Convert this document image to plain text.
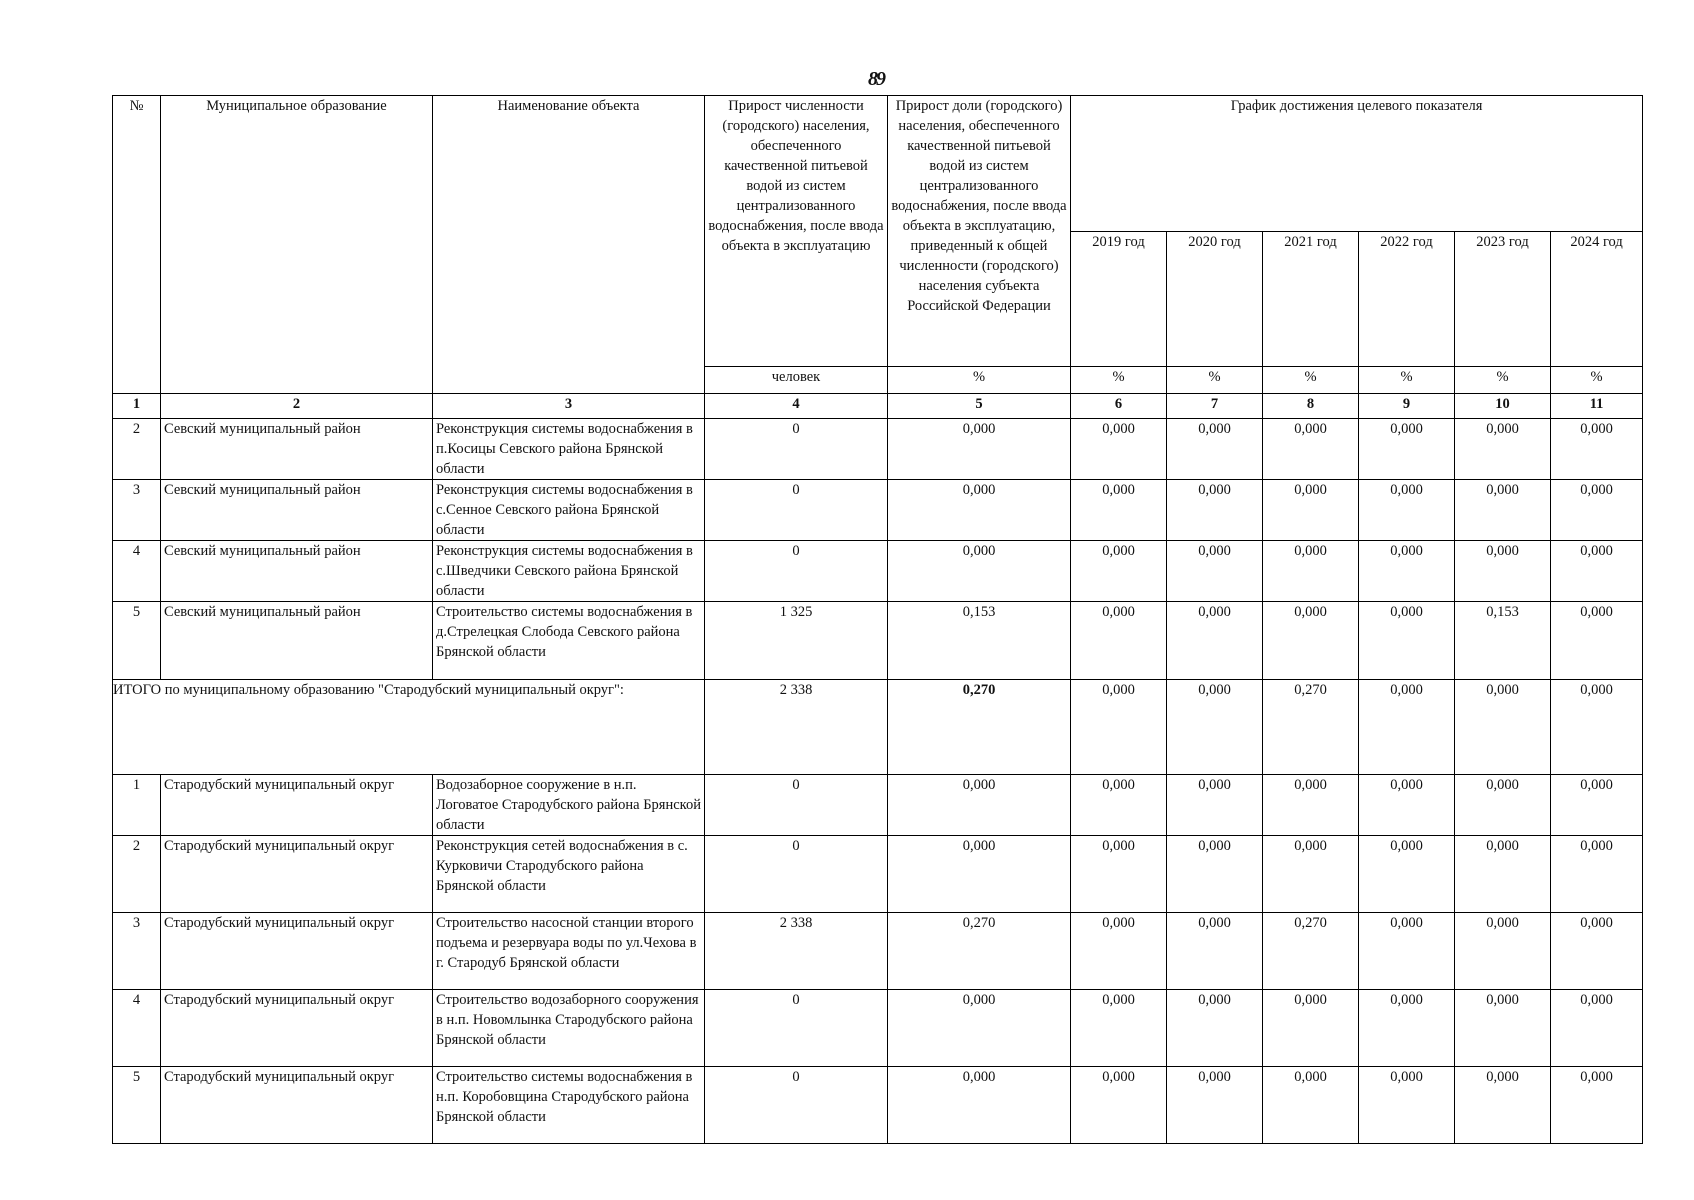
89
№	Муниципальное образование	Наименование объекта	Прирост численности (городского) населения, обеспеченного качественной питьевой водой из систем централизованного водоснабжения, после ввода объекта в эксплуатацию	Прирост доли (городского) населения, обеспеченного качественной питьевой водой из систем централизованного водоснабжения, после ввода объекта в эксплуатацию, приведенный к общей численности (городского) населения субъекта Российской Федерации	График достижения целевого показателя					
					2019 год	2020 год	2021 год	2022 год	2023 год	2024 год
			человек	%	%	%	%	%	%	%
1	2	3	4	5	6	7	8	9	10	11
2	Севский муниципальный район	Реконструкция системы водоснабжения в п.Косицы Севского района Брянской области	0	0,000	0,000	0,000	0,000	0,000	0,000	0,000
3	Севский муниципальный район	Реконструкция системы водоснабжения в с.Сенное Севского района Брянской области	0	0,000	0,000	0,000	0,000	0,000	0,000	0,000
4	Севский муниципальный район	Реконструкция системы водоснабжения в с.Шведчики Севского района Брянской области	0	0,000	0,000	0,000	0,000	0,000	0,000	0,000
5	Севский муниципальный район	Строительство системы водоснабжения в д.Стрелецкая Слобода Севского района Брянской области	1 325	0,153	0,000	0,000	0,000	0,000	0,153	0,000
ИТОГО по муниципальному образованию "Стародубский муниципальный округ":			2 338	0,270	0,000	0,000	0,270	0,000	0,000	0,000
1	Стародубский муниципальный округ	Водозаборное сооружение в н.п. Логоватое Стародубского района Брянской области	0	0,000	0,000	0,000	0,000	0,000	0,000	0,000
2	Стародубский муниципальный округ	Реконструкция сетей водоснабжения в с. Курковичи Стародубского района Брянской области	0	0,000	0,000	0,000	0,000	0,000	0,000	0,000
3	Стародубский муниципальный округ	Строительство насосной станции второго подъема и резервуара воды по ул.Чехова в г. Стародуб Брянской области	2 338	0,270	0,000	0,000	0,270	0,000	0,000	0,000
4	Стародубский муниципальный округ	Строительство водозаборного сооружения в н.п. Новомлынка Стародубского района Брянской области	0	0,000	0,000	0,000	0,000	0,000	0,000	0,000
5	Стародубский муниципальный округ	Строительство системы водоснабжения в н.п. Коробовщина Стародубского района Брянской области	0	0,000	0,000	0,000	0,000	0,000	0,000	0,000
